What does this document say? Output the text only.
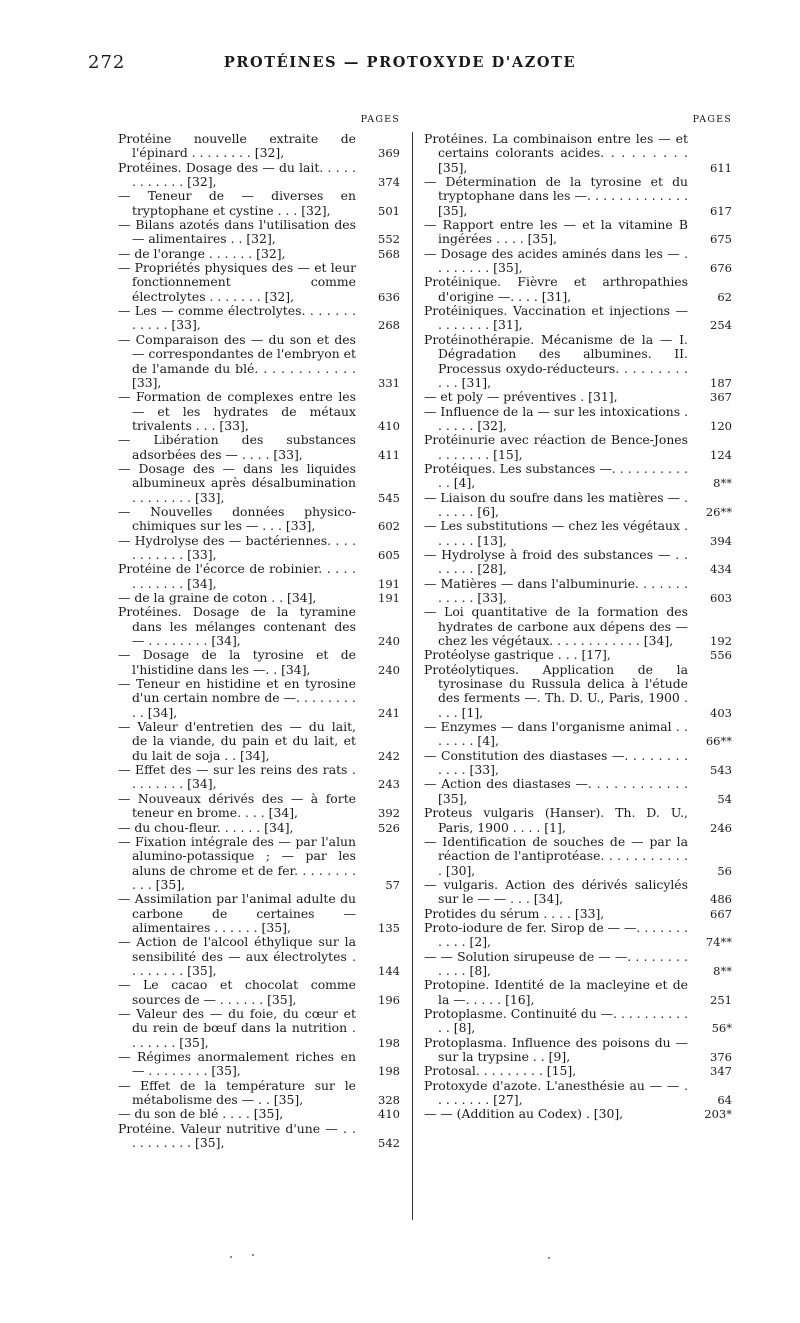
272	PROTÉINES — PROTOXYDE D'AZOTE
PAGES
Protéine nouvelle extraite de l'épinard . . . . . . . . [32],	369
Protéines. Dosage des — du lait. . . . . . . . . . . . [32],	374
— Teneur de — diverses en tryptophane et cystine . . . [32],	501
— Bilans azotés dans l'utilisation des — alimentaires . . [32],	552
— de l'orange . . . . . . [32],	568
— Propriétés physiques des — et leur fonctionnement comme électrolytes . . . . . . . [32],	636
— Les — comme électrolytes. . . . . . . . . . . . [33],	268
— Comparaison des — du son et des — correspondantes de l'embryon et de l'amande du blé. . . . . . . . . . . . [33],	331
— Formation de complexes entre les — et les hydrates de métaux trivalents . . . [33],	410
— Libération des substances adsorbées des — . . . . [33],	411
— Dosage des — dans les liquides albumineux après désalbumination . . . . . . . . [33],	545
— Nouvelles données physico-chimiques sur les — . . . [33],	602
— Hydrolyse des — bactériennes. . . . . . . . . . . [33],	605
Protéine de l'écorce de robinier. . . . . . . . . . . . [34],	191
— de la graine de coton . . [34],	191
Protéines. Dosage de la tyramine dans les mélanges contenant des — . . . . . . . . [34],	240
— Dosage de la tyrosine et de l'histidine dans les —. . [34],	240
— Teneur en histidine et en tyrosine d'un certain nombre de —. . . . . . . . . . [34],	241
— Valeur d'entretien des — du lait, de la viande, du pain et du lait, et du lait de soja . . [34],	242
— Effet des — sur les reins des rats . . . . . . . . [34],	243
— Nouveaux dérivés des — à forte teneur en brome. . . . [34],	392
— du chou-fleur. . . . . . [34],	526
— Fixation intégrale des — par l'alun alumino-potassique ; — par les aluns de chrome et de fer. . . . . . . . . . . [35],	57
— Assimilation par l'animal adulte du carbone de certaines — alimentaires . . . . . . [35],	135
— Action de l'alcool éthylique sur la sensibilité des — aux électrolytes . . . . . . . . [35],	144
— Le cacao et chocolat comme sources de — . . . . . . [35],	196
— Valeur des — du foie, du cœur et du rein de bœuf dans la nutrition . . . . . . . [35],	198
— Régimes anormalement riches en — . . . . . . . . [35],	198
— Effet de la température sur le métabolisme des — . . [35],	328
— du son de blé . . . . [35],	410
Protéine. Valeur nutritive d'une — . . . . . . . . . . [35],	542
PAGES
Protéines. La combinaison entre les — et certains colorants acides. . . . . . . . . [35],	611
— Détermination de la tyrosine et du tryptophane dans les —. . . . . . . . . . . . . [35],	617
— Rapport entre les — et la vitamine B ingérées . . . . [35],	675
— Dosage des acides aminés dans les — . . . . . . . . [35],	676
Protéinique. Fièvre et arthropathies d'origine —. . . . [31],	62
Protéiniques. Vaccination et injections — . . . . . . . [31],	254
Protéinothérapie. Mécanisme de la — I. Dégradation des albumines. II. Processus oxydo-réducteurs. . . . . . . . . . . . [31],	187
— et poly — préventives . [31],	367
— Influence de la — sur les intoxications . . . . . . [32],	120
Protéinurie avec réaction de Bence-Jones . . . . . . . [15],	124
Protéiques. Les substances —. . . . . . . . . . . . [4],	8**
— Liaison du soufre dans les matières — . . . . . . [6],	26**
— Les substitutions — chez les végétaux . . . . . . [13],	394
— Hydrolyse à froid des substances — . . . . . . . [28],	434
— Matières — dans l'albuminurie. . . . . . . . . . . . [33],	603
— Loi quantitative de la formation des hydrates de carbone aux dépens des — chez les végétaux. . . . . . . . . . . . [34],	192
Protéolyse gastrique . . . [17],	556
Protéolytiques. Application de la tyrosinase du Russula delica à l'étude des ferments —. Th. D. U., Paris, 1900 . . . . [1],	403
— Enzymes — dans l'organisme animal . . . . . . . [4],	66**
— Constitution des diastases —. . . . . . . . . . . . [33],	543
— Action des diastases —. . . . . . . . . . . . [35],	54
Proteus vulgaris (Hanser). Th. D. U., Paris, 1900 . . . . [1],	246
— Identification de souches de — par la réaction de l'antiprotéase. . . . . . . . . . . . [30],	56
— vulgaris. Action des dérivés salicylés sur le — — . . . [34],	486
Protides du sérum . . . . [33],	667
Proto-iodure de fer. Sirop de — —. . . . . . . . . . . [2],	74**
— — Solution sirupeuse de — —. . . . . . . . . . . . [8],	8**
Protopine. Identité de la macleyine et de la —. . . . . [16],	251
Protoplasme. Continuité du —. . . . . . . . . . . . [8],	56*
Protoplasma. Influence des poisons du — sur la trypsine . . [9],	376
Protosal. . . . . . . . . [15],	347
Protoxyde d'azote. L'anesthésie au — — . . . . . . . . [27],	64
— — (Addition au Codex) . [30],	203*
